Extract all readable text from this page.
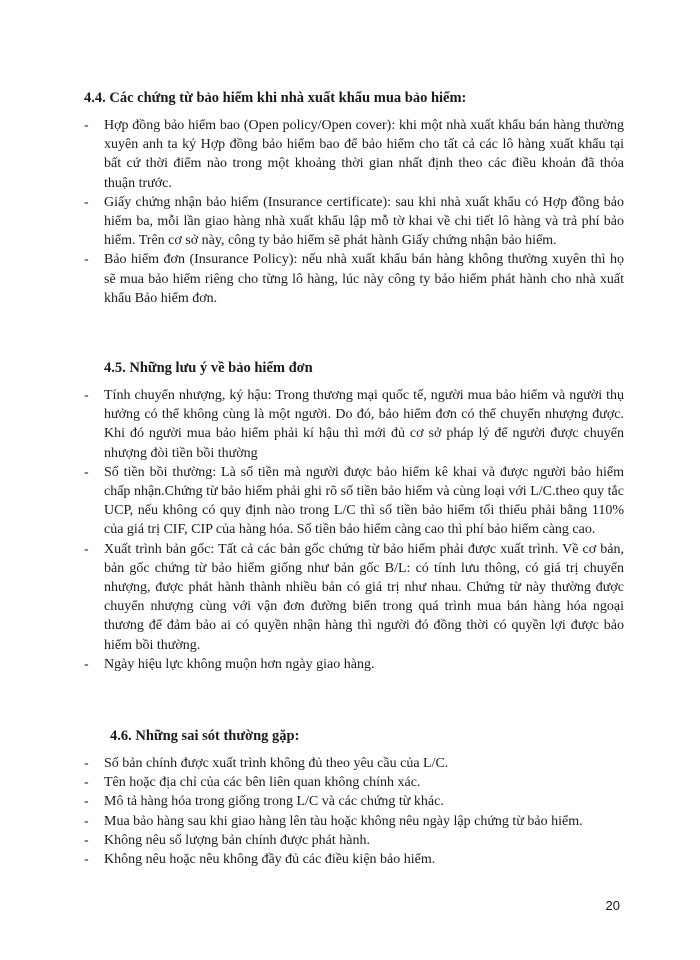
4.4. Các chứng từ bảo hiểm khi nhà xuất khẩu mua bảo hiểm:

- Hợp đồng bảo hiểm bao (Open policy/Open cover): khi một nhà xuất khẩu bán hàng thường xuyên anh ta ký Hợp đồng bảo hiểm bao để bảo hiểm cho tất cả các lô hàng xuất khẩu tại bất cứ thời điểm nào trong một khoảng thời gian nhất định theo các điều khoản đã thỏa thuận trước.
- Giấy chứng nhận bảo hiểm (Insurance certificate): sau khi nhà xuất khẩu có Hợp đồng bảo hiểm ba, mỗi lần giao hàng nhà xuất khẩu lập mỗ tờ khai về chi tiết lô hàng và trả phí bảo hiểm. Trên cơ sở này, công ty bảo hiểm sẽ phát hành Giấy chứng nhận bảo hiểm.
- Bảo hiểm đơn (Insurance Policy): nếu nhà xuất khẩu bán hàng không thường xuyên thì họ sẽ mua bảo hiểm riêng cho từng lô hàng, lúc này công ty bảo hiểm phát hành cho nhà xuất khẩu Bảo hiểm đơn.

4.5. Những lưu ý về bảo hiểm đơn

- Tính chuyển nhượng, ký hậu: Trong thương mại quốc tế, người mua bảo hiểm và người thụ hưởng có thể không cùng là một người. Do đó, bảo hiểm đơn có thể chuyển nhượng được. Khi đó người mua bảo hiểm phải kí hậu thì mới đủ cơ sở pháp lý để người được chuyển nhượng đòi tiền bồi thường
- Số tiền bồi thường: Là số tiền mà người được bảo hiểm kê khai và được người bảo hiểm chấp nhận.Chứng từ bảo hiểm phải ghi rõ số tiền bảo hiểm và cùng loại với L/C.theo quy tắc UCP, nếu không có quy định nào trong L/C thì số tiền bảo hiểm tối thiểu phải bằng 110% của giá trị CIF, CIP của hàng hóa. Số tiền bảo hiểm càng cao thì phí bảo hiểm càng cao.
- Xuất trình bản gốc: Tất cả các bản gốc chứng từ bảo hiểm phải được xuất trình. Về cơ bản, bản gốc chứng từ bảo hiểm giống như bản gốc B/L: có tính lưu thông, có giá trị chuyển nhượng, được phát hành thành nhiều bản có giá trị như nhau. Chứng từ này thường được chuyển nhượng cùng với vận đơn đường biển trong quá trình mua bán hàng hóa ngoại thương để đảm bảo ai có quyền nhận hàng thì người đó đồng thời có quyền lợi được bảo hiểm bồi thường.
- Ngày hiệu lực không muộn hơn ngày giao hàng.

4.6. Những sai sót thường gặp:

- Số bản chính được xuất trình không đủ theo yêu cầu của L/C.
- Tên hoặc địa chỉ của các bên liên quan không chính xác.
- Mô tả hàng hóa trong giống trong L/C và các chứng từ khác.
- Mua bảo hàng sau khi giao hàng lên tàu hoặc không nêu ngày lập chứng từ bảo hiểm.
- Không nêu số lượng bản chính được phát hành.
- Không nêu hoặc nêu không đầy đủ các điều kiện bảo hiểm.
20
